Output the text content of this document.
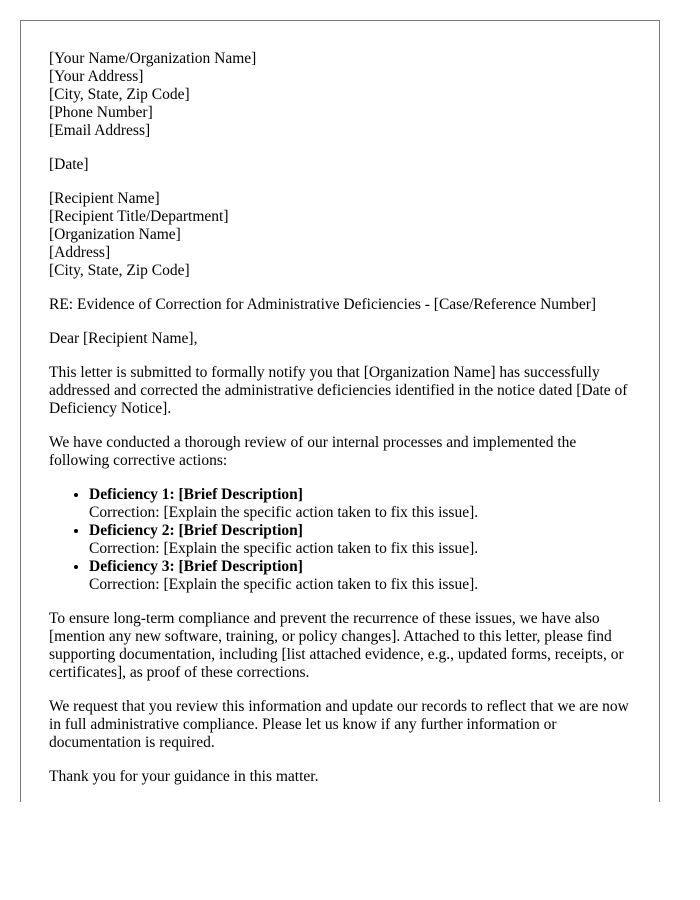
[Your Name/Organization Name]
[Your Address]
[City, State, Zip Code]
[Phone Number]
[Email Address]
[Date]
[Recipient Name]
[Recipient Title/Department]
[Organization Name]
[Address]
[City, State, Zip Code]

RE: Evidence of Correction for Administrative Deficiencies - [Case/Reference Number]

Dear [Recipient Name],

This letter is submitted to formally notify you that [Organization Name] has successfully addressed and corrected the administrative deficiencies identified in the notice dated [Date of Deficiency Notice].

We have conducted a thorough review of our internal processes and implemented the following corrective actions:

• Deficiency 1: [Brief Description]
Correction: [Explain the specific action taken to fix this issue].
• Deficiency 2: [Brief Description]
Correction: [Explain the specific action taken to fix this issue].
• Deficiency 3: [Brief Description]
Correction: [Explain the specific action taken to fix this issue].

To ensure long-term compliance and prevent the recurrence of these issues, we have also [mention any new software, training, or policy changes]. Attached to this letter, please find supporting documentation, including [list attached evidence, e.g., updated forms, receipts, or certificates], as proof of these corrections.

We request that you review this information and update our records to reflect that we are now in full administrative compliance. Please let us know if any further information or documentation is required.

Thank you for your guidance in this matter.
